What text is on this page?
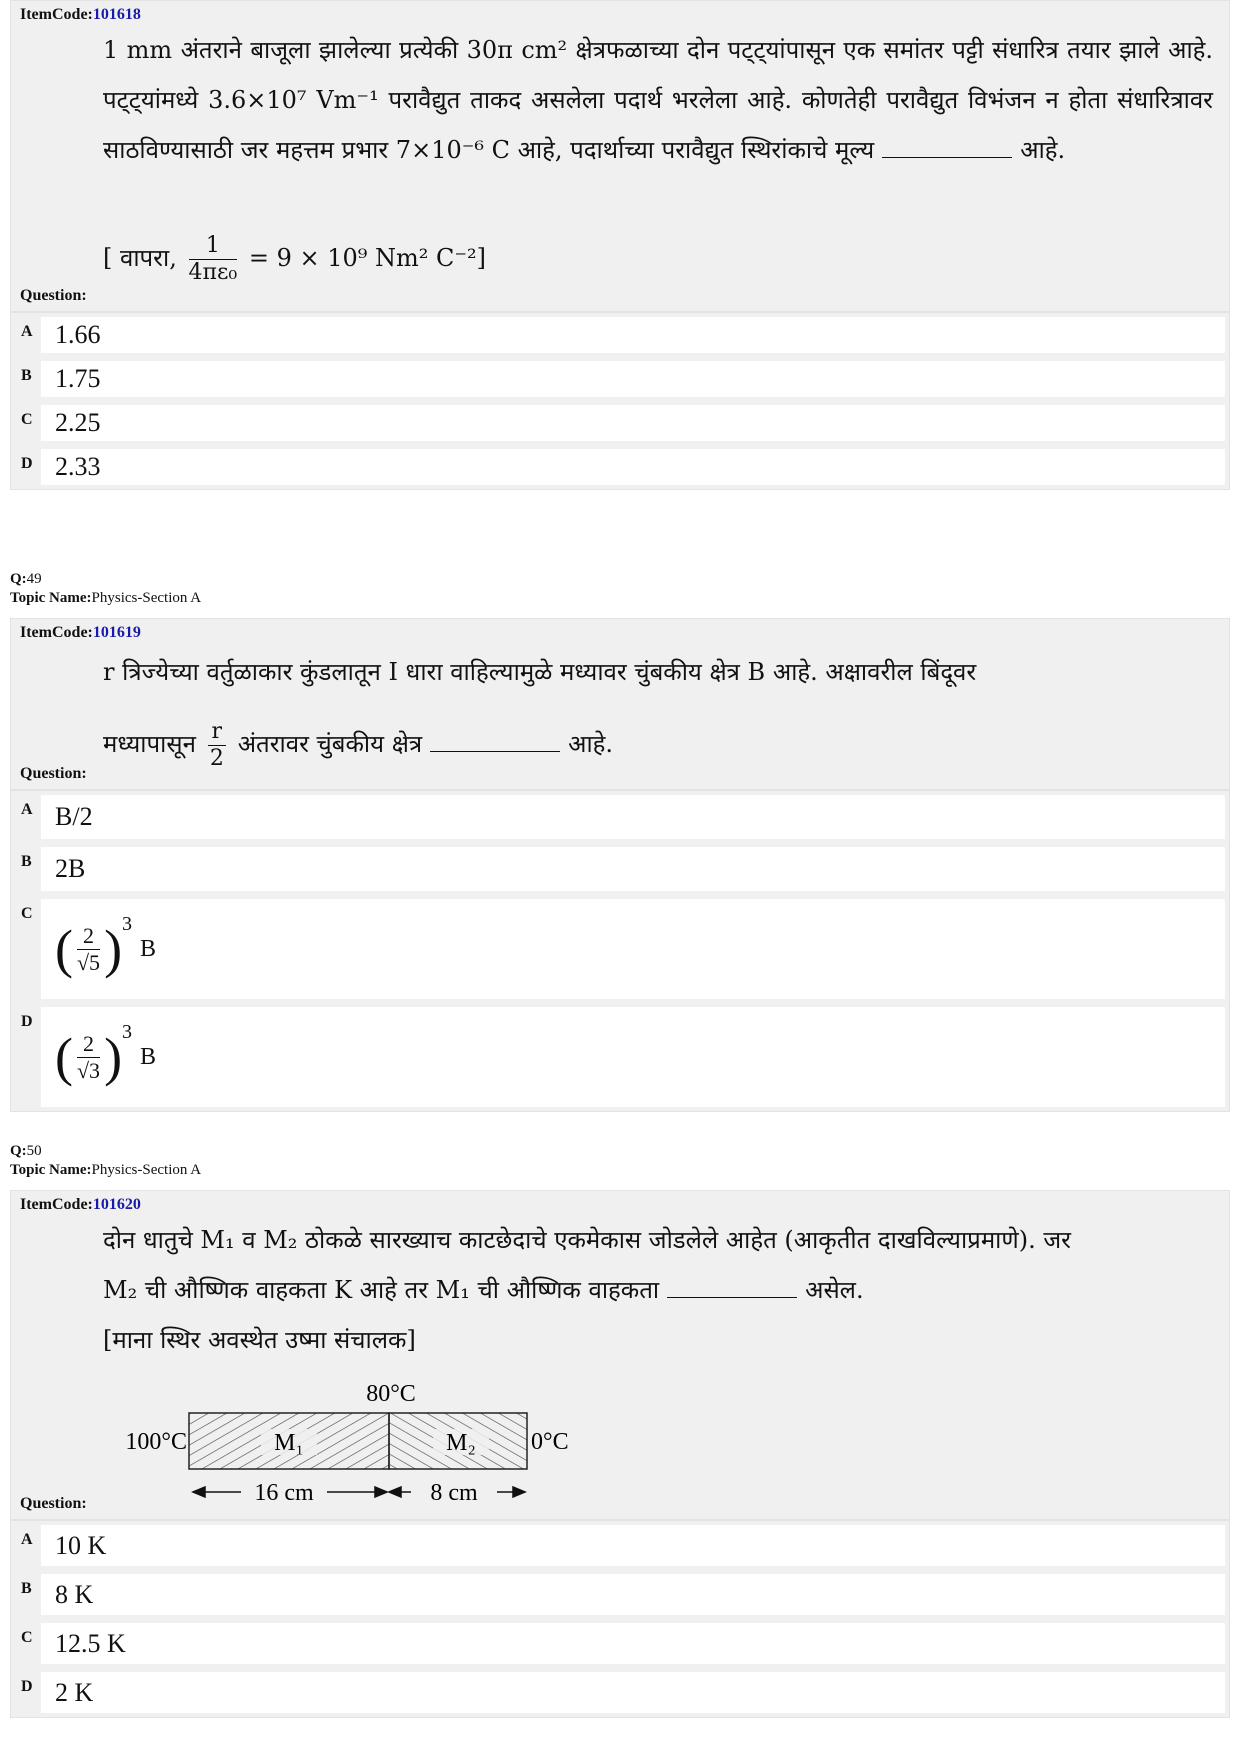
ItemCode:101618
1 mm अंतराने बाजूला झालेल्या प्रत्येकी 30π cm² क्षेत्रफळाच्या दोन पट्ट्यांपासून एक समांतर पट्टी संधारित्र तयार झाले आहे. पट्ट्यांमध्ये 3.6×10⁷ Vm⁻¹ परावैद्युत ताकद असलेला पदार्थ भरलेला आहे. कोणतेही परावैद्युत विभंजन न होता संधारित्रावर साठविण्यासाठी जर महत्तम प्रभार 7×10⁻⁶ C आहे, पदार्थाच्या परावैद्युत स्थिरांकाचे मूल्य	आहे.
[ वापरा, $\frac{1}{\text{4πε₀}} = 9 \times 10^9$ Nm² C⁻²]
Question:
A 1.66
B 1.75
C 2.25
D 2.33
Q:49
Topic Name:Physics-Section A
ItemCode:101619
r त्रिज्येच्या वर्तुळाकार कुंडलातून I धारा वाहिल्यामुळे मध्यावर चुंबकीय क्षेत्र B आहे. अक्षावरील बिंदूवर
मध्यापासून $\frac{r}{2}$ अंतरावर चुंबकीय क्षेत्र	आहे.
Question:
A B/2
B 2B
C
( $\frac{2}{√5} )^3$
B
D
( $\frac{2}{√3} )^3$
B
Q:50
Topic Name:Physics-Section A
ItemCode:101620
दोन धातुचे M₁ व M₂ ठोकळे सारख्याच काटछेदाचे एकमेकास जोडलेले आहेत (आकृतीत दाखविल्याप्रमाणे). जर
M₂ ची औष्णिक वाहकता K आहे तर M₁ ची औष्णिक वाहकता	असेल.
[माना स्थिर अवस्थेत उष्मा संचालक]
80°C
M₁	M₂
100°C	0°C
16 cm	8 cm
Question:
A 10 K
B 8 K
C 12.5 K
D 2 K
